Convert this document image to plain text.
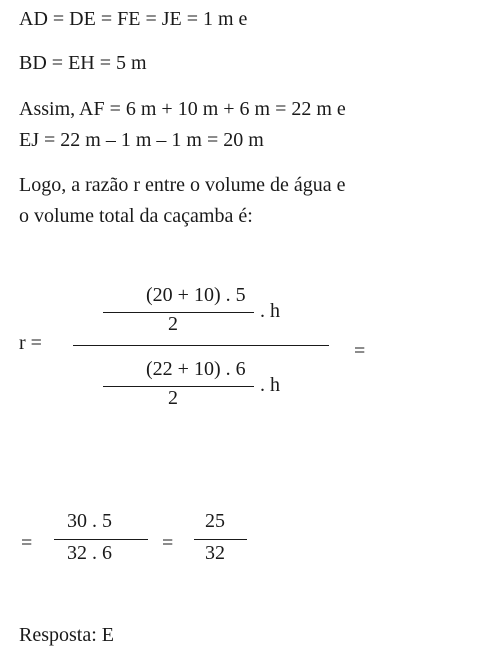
AD = DE = FE = JE = 1 m e
BD = EH = 5 m
Assim, AF = 6 m + 10 m + 6 m = 22 m e
EJ = 22 m – 1 m – 1 m = 20 m
Logo, a razão r entre o volume de água e
o volume total da caçamba é:
r =
(20 + 10) . 5
2
. h
(22 + 10) . 6
2
. h
=
=
30 . 5
32 . 6	=
25
32
Resposta: E
